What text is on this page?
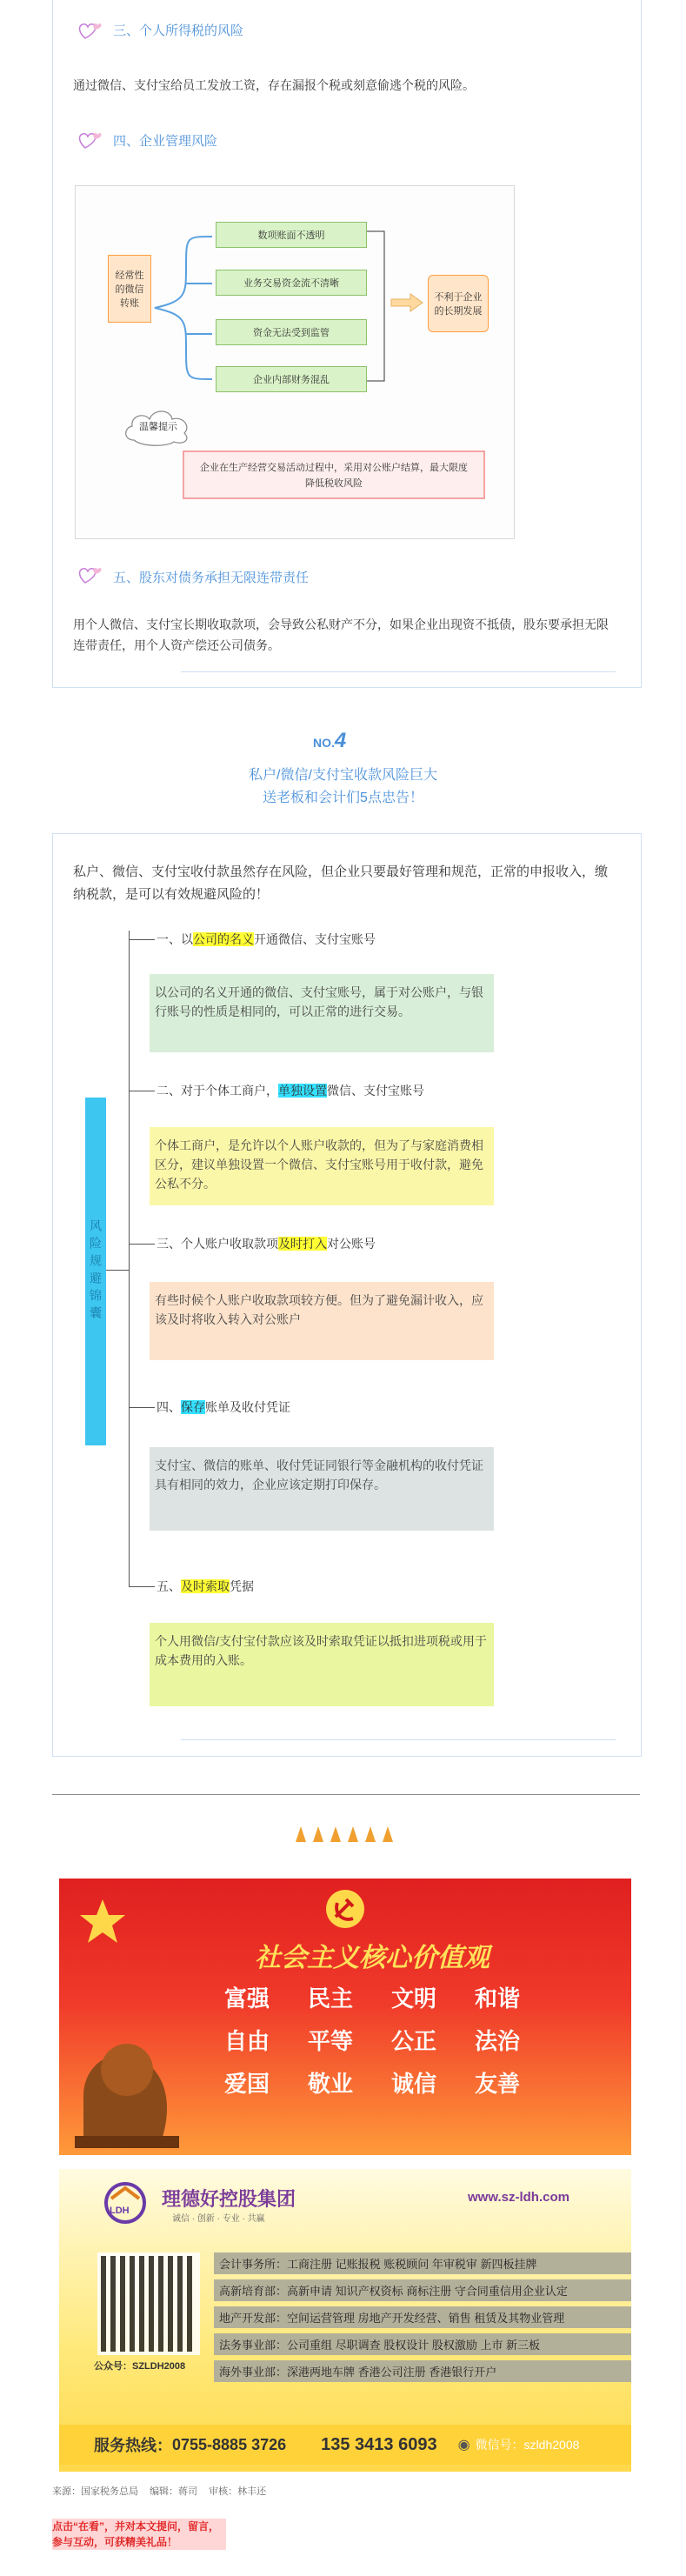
三、个人所得税的风险
通过微信、支付宝给员工发放工资，存在漏报个税或刻意偷逃个税的风险。
四、企业管理风险
经常性的微信转账
数项账面不透明
业务交易资金流不清晰
资金无法受到监管
企业内部财务混乱
不利于企业的长期发展
温馨提示
企业在生产经营交易活动过程中，采用对公账户结算，最大限度降低税收风险
五、股东对债务承担无限连带责任
用个人微信、支付宝长期收取款项，会导致公私财产不分，如果企业出现资不抵债，股东要承担无限连带责任，用个人资产偿还公司债务。
NO.4
私户/微信/支付宝收款风险巨大
送老板和会计们5点忠告！
私户、微信、支付宝收付款虽然存在风险，但企业只要最好管理和规范，正常的申报收入，缴纳税款，是可以有效规避风险的！
风险规避锦囊
一、以公司的名义开通微信、支付宝账号
以公司的名义开通的微信、支付宝账号，属于对公账户，与银行账号的性质是相同的，可以正常的进行交易。
二、对于个体工商户，单独设置微信、支付宝账号
个体工商户，是允许以个人账户收款的，但为了与家庭消费相区分，建议单独设置一个微信、支付宝账号用于收付款，避免公私不分。
三、个人账户收取款项及时打入对公账号
有些时候个人账户收取款项较方便。但为了避免漏计收入，应该及时将收入转入对公账户
四、保存账单及收付凭证
支付宝、微信的账单、收付凭证同银行等金融机构的收付凭证具有相同的效力，企业应该定期打印保存。
五、及时索取凭据
个人用微信/支付宝付款应该及时索取凭证以抵扣进项税或用于成本费用的入账。
社会主义核心价值观
富强 民主 文明 和谐
自由 平等 公正 法治
爱国 敬业 诚信 友善
LDH
理德好控股集团
诚信 · 创新 · 专业 · 共赢
www.sz-ldh.com
公众号：SZLDH2008
会计事务所：工商注册 记账报税 账税顾问 年审税审 新四板挂牌
高新培育部：高新申请 知识产权资标 商标注册 守合同重信用企业认定
地产开发部：空间运营管理 房地产开发经营、销售 租赁及其物业管理
法务事业部：公司重组 尽职调查 股权设计 股权激励 上市 新三板
海外事业部：深港两地车牌 香港公司注册 香港银行开户
服务热线： 0755-8885 3726 135 3413 6093 ◉ 微信号：szldh2008
来源：国家税务总局 编辑：蒋司 审核：林丰还
点击“在看”，并对本文提问，留言，参与互动，可获精美礼品！
